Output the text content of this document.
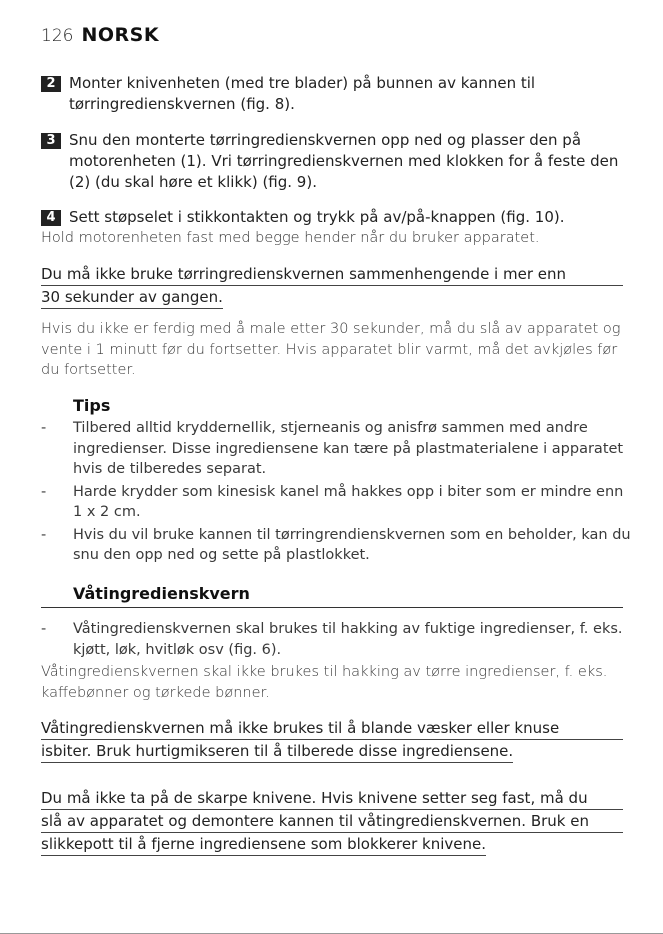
126 NORSK
2 Monter knivenheten (med tre blader) på bunnen av kannen til tørringredienskvernen (fig. 8).
3 Snu den monterte tørringredienskvernen opp ned og plasser den på motorenheten (1). Vri tørringredienskvernen med klokken for å feste den (2) (du skal høre et klikk) (fig. 9).
4 Sett støpselet i stikkontakten og trykk på av/på-knappen (fig. 10).
Hold motorenheten fast med begge hender når du bruker apparatet.
Du må ikke bruke tørringredienskvernen sammenhengende i mer enn
30 sekunder av gangen.
Hvis du ikke er ferdig med å male etter 30 sekunder, må du slå av apparatet og vente i 1 minutt før du fortsetter. Hvis apparatet blir varmt, må det avkjøles før du fortsetter.
Tips
-	Tilbered alltid krydderneIlik, stjerneanis og anisfrø sammen med andre ingredienser. Disse ingrediensene kan tære på plastmaterialene i apparatet hvis de tilberedes separat.
-	Harde krydder som kinesisk kanel må hakkes opp i biter som er mindre enn 1 x 2 cm.
-	Hvis du vil bruke kannen til tørringrendienskvernen som en beholder, kan du snu den opp ned og sette på plastlokket.
Våtingredienskvern
-	Våtingredienskvernen skal brukes til hakking av fuktige ingredienser, f. eks. kjøtt, løk, hvitløk osv (fig. 6).
Våtingredienskvernen skal ikke brukes til hakking av tørre ingredienser, f. eks. kaffebønner og tørkede bønner.
Våtingredienskvernen må ikke brukes til å blande væsker eller knuse
isbiter. Bruk hurtigmikseren til å tilberede disse ingrediensene.
Du må ikke ta på de skarpe knivene. Hvis knivene setter seg fast, må du
slå av apparatet og demontere kannen til våtingredienskvernen. Bruk en
slikkepott til å fjerne ingrediensene som blokkerer knivene.
